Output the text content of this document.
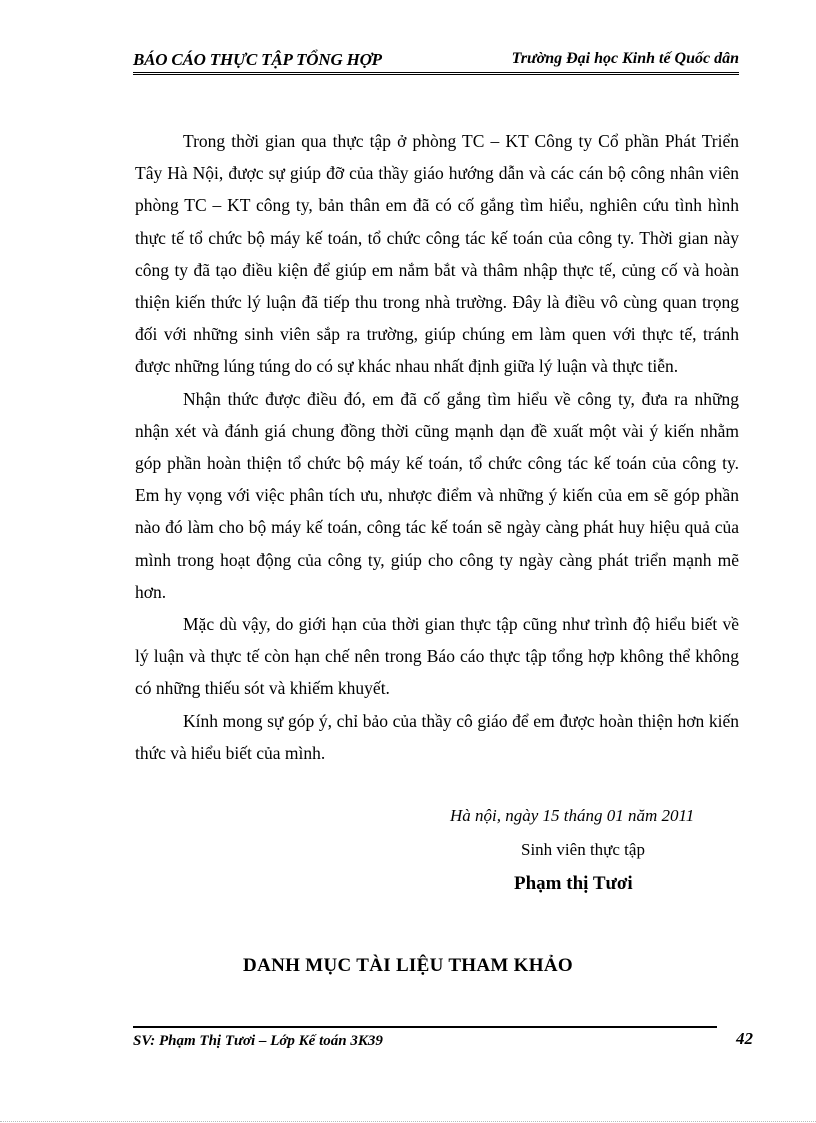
BÁO CÁO THỰC TẬP TỔNG HỢP	Trường Đại học Kinh tế Quốc dân

Trong thời gian qua thực tập ở phòng TC – KT Công ty Cổ phần Phát Triển Tây Hà Nội, được sự giúp đỡ của thầy giáo hướng dẫn và các cán bộ công nhân viên phòng TC – KT công ty, bản thân em đã có cố gắng tìm hiểu, nghiên cứu tình hình thực tế tổ chức bộ máy kế toán, tổ chức công tác kế toán của công ty. Thời gian này công ty đã tạo điều kiện để giúp em nắm bắt và thâm nhập thực tế, củng cố và hoàn thiện kiến thức lý luận đã tiếp thu trong nhà trường. Đây là điều vô cùng quan trọng đối với những sinh viên sắp ra trường, giúp chúng em làm quen với thực tế, tránh được những lúng túng do có sự khác nhau nhất định giữa lý luận và thực tiễn.

Nhận thức được điều đó, em đã cố gắng tìm hiểu về công ty, đưa ra những nhận xét và đánh giá chung đồng thời cũng mạnh dạn đề xuất một vài ý kiến nhằm góp phần hoàn thiện tổ chức bộ máy kế toán, tổ chức công tác kế toán của công ty. Em hy vọng với việc phân tích ưu, nhược điểm và những ý kiến của em sẽ góp phần nào đó làm cho bộ máy kế toán, công tác kế toán sẽ ngày càng phát huy hiệu quả của mình trong hoạt động của công ty, giúp cho công ty ngày càng phát triển mạnh mẽ hơn.

Mặc dù vậy, do giới hạn của thời gian thực tập cũng như trình độ hiểu biết về lý luận và thực tế còn hạn chế nên trong Báo cáo thực tập tổng hợp không thể không có những thiếu sót và khiếm khuyết.

Kính mong sự góp ý, chỉ bảo của thầy cô giáo để em được hoàn thiện hơn kiến thức và hiểu biết của mình.

Hà nội, ngày 15 tháng 01 năm 2011
Sinh viên thực tập
Phạm thị Tươi
DANH MỤC TÀI LIỆU THAM KHẢO
SV: Phạm Thị Tươi – Lớp Kế toán 3K39	42
